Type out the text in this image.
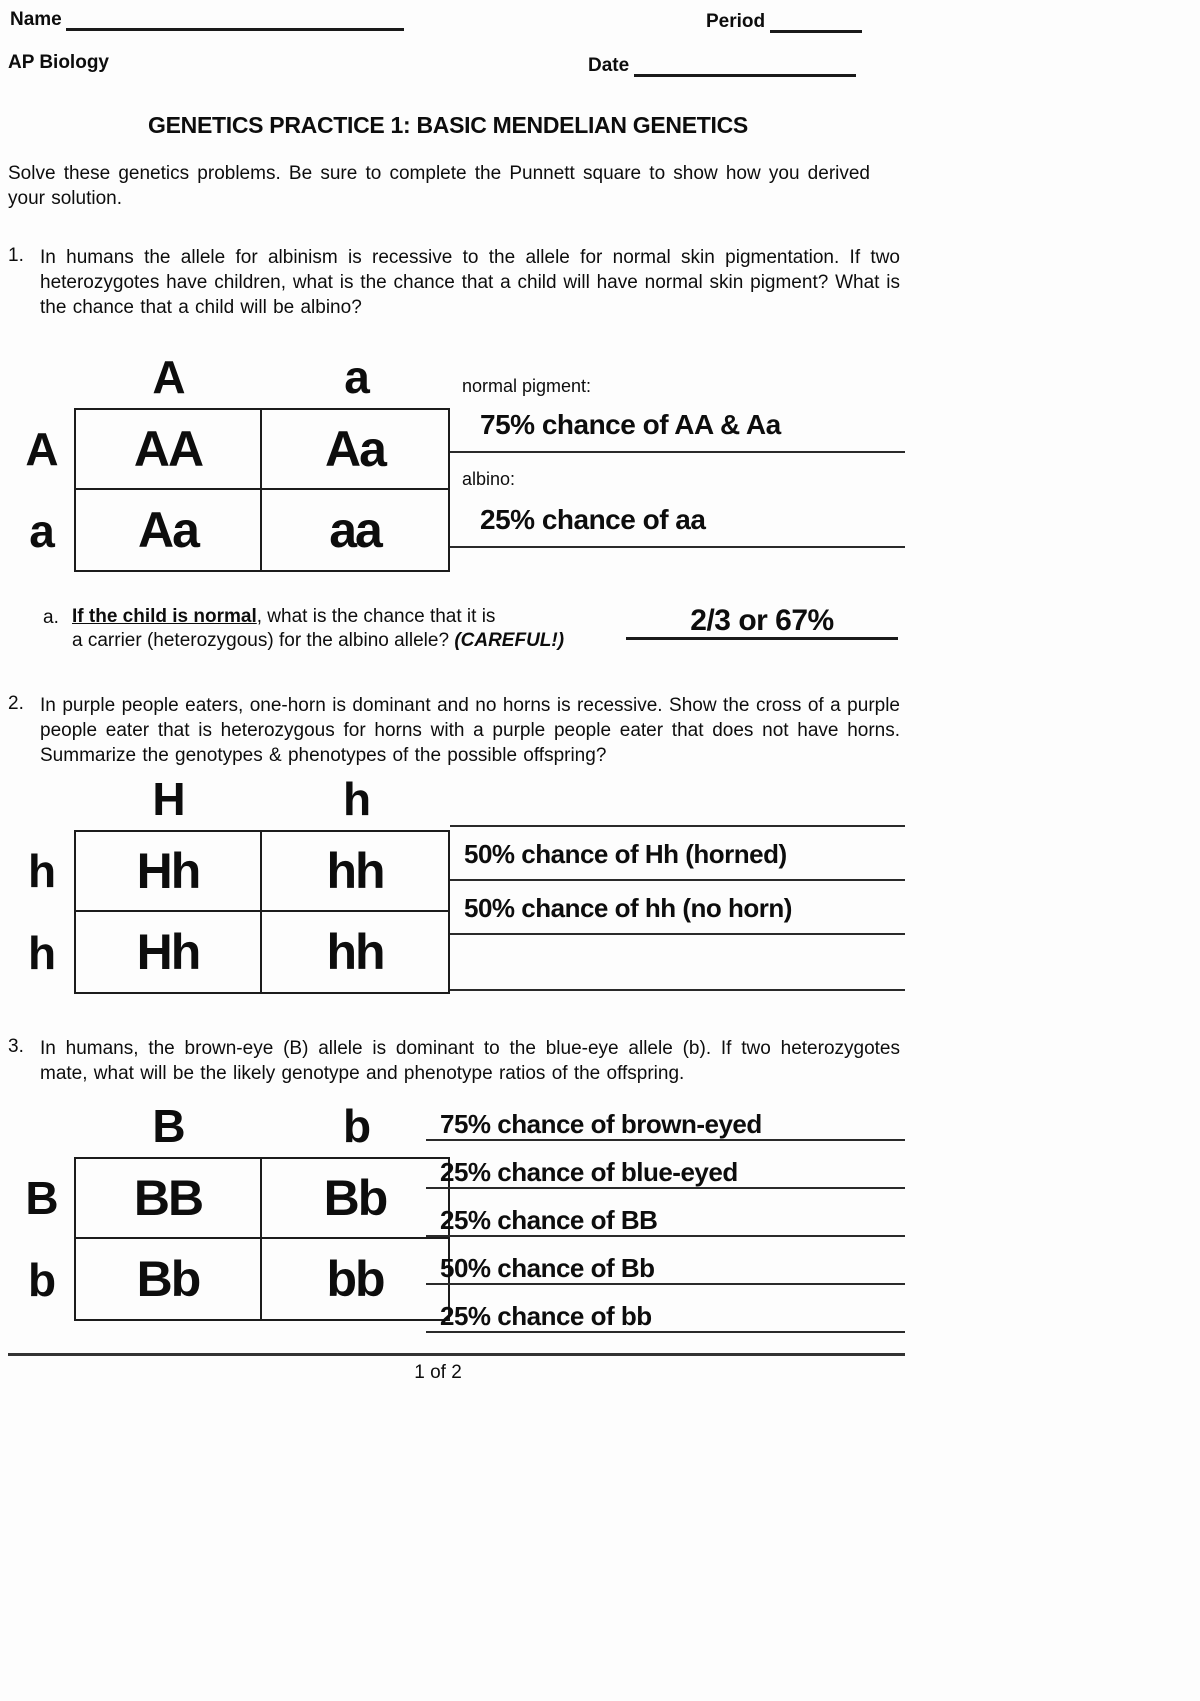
Name	Period
AP Biology	Date
GENETICS PRACTICE 1: BASIC MENDELIAN GENETICS
Solve these genetics problems. Be sure to complete the Punnett square to show how you derived your solution.
1. In humans the allele for albinism is recessive to the allele for normal skin pigmentation. If two heterozygotes have children, what is the chance that a child will have normal skin pigment? What is the chance that a child will be albino?

A	a
A	AA	Aa
a	Aa	aa
normal pigment:
75% chance of AA & Aa
albino:
25% chance of aa
a. If the child is normal, what is the chance that it is
a carrier (heterozygous) for the albino allele? (CAREFUL!)
2/3 or 67%
2. In purple people eaters, one-horn is dominant and no horns is recessive. Show the cross of a purple people eater that is heterozygous for horns with a purple people eater that does not have horns. Summarize the genotypes & phenotypes of the possible offspring?

H	h
h	Hh	hh
h	Hh	hh
50% chance of Hh (horned)
50% chance of hh (no horn)
3. In humans, the brown-eye (B) allele is dominant to the blue-eye allele (b). If two heterozygotes mate, what will be the likely genotype and phenotype ratios of the offspring.

B	b
B	BB	Bb
b	Bb	bb
75% chance of brown-eyed
25% chance of blue-eyed
25% chance of BB
50% chance of Bb
25% chance of bb
1 of 2
